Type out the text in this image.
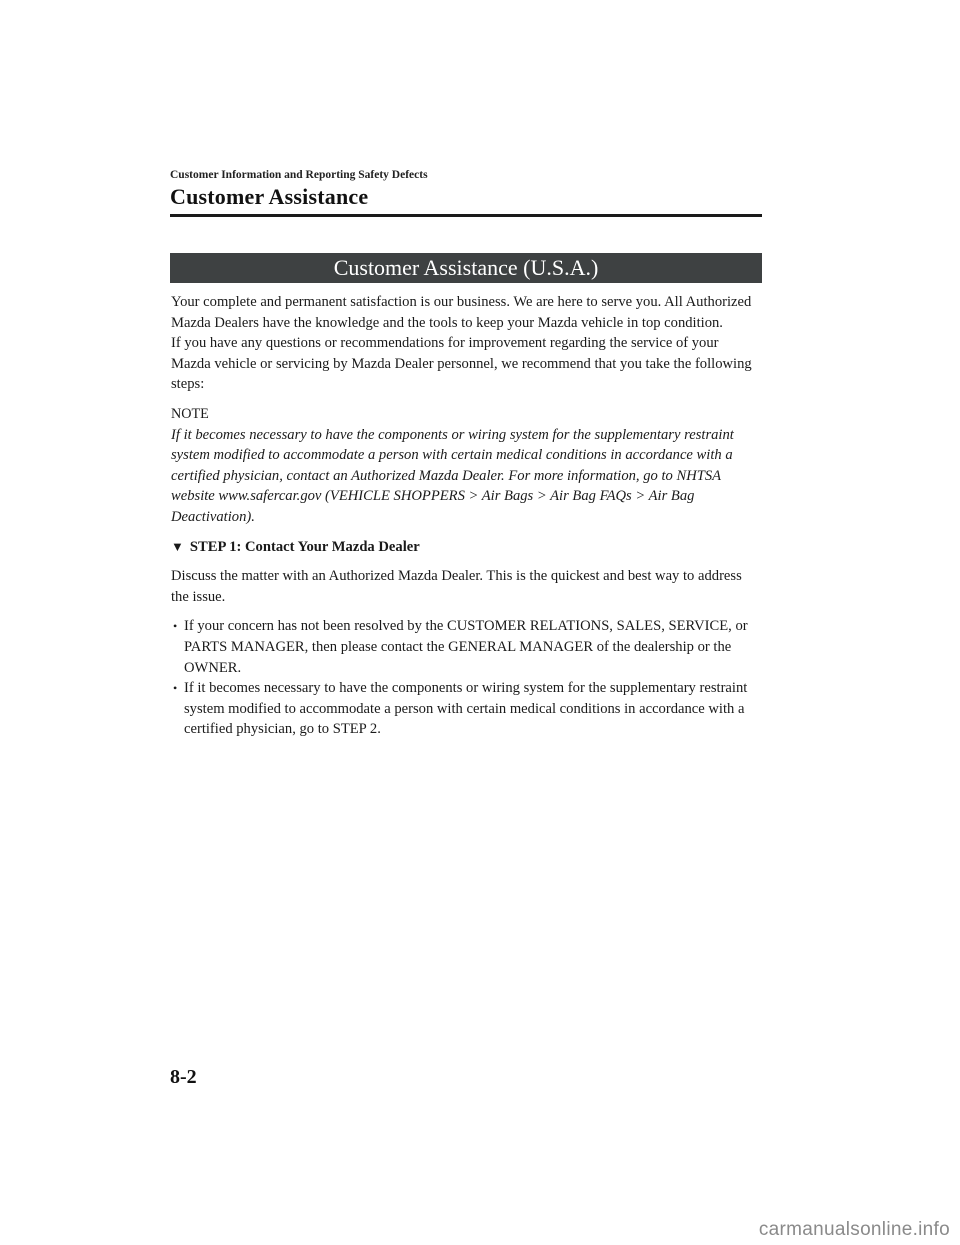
Customer Information and Reporting Safety Defects
Customer Assistance
Customer Assistance (U.S.A.)

Your complete and permanent satisfaction is our business. We are here to serve you. All Authorized Mazda Dealers have the knowledge and the tools to keep your Mazda vehicle in top condition.
If you have any questions or recommendations for improvement regarding the service of your Mazda vehicle or servicing by Mazda Dealer personnel, we recommend that you take the following steps:

NOTE

If it becomes necessary to have the components or wiring system for the supplementary restraint system modified to accommodate a person with certain medical conditions in accordance with a certified physician, contact an Authorized Mazda Dealer. For more information, go to NHTSA website www.safercar.gov (VEHICLE SHOPPERS > Air Bags > Air Bag FAQs > Air Bag Deactivation).

▼ STEP 1: Contact Your Mazda Dealer

Discuss the matter with an Authorized Mazda Dealer. This is the quickest and best way to address the issue.

• If your concern has not been resolved by the CUSTOMER RELATIONS, SALES, SERVICE, or PARTS MANAGER, then please contact the GENERAL MANAGER of the dealership or the OWNER.
• If it becomes necessary to have the components or wiring system for the supplementary restraint system modified to accommodate a person with certain medical conditions in accordance with a certified physician, go to STEP 2.
8-2
carmanualsonline.info
